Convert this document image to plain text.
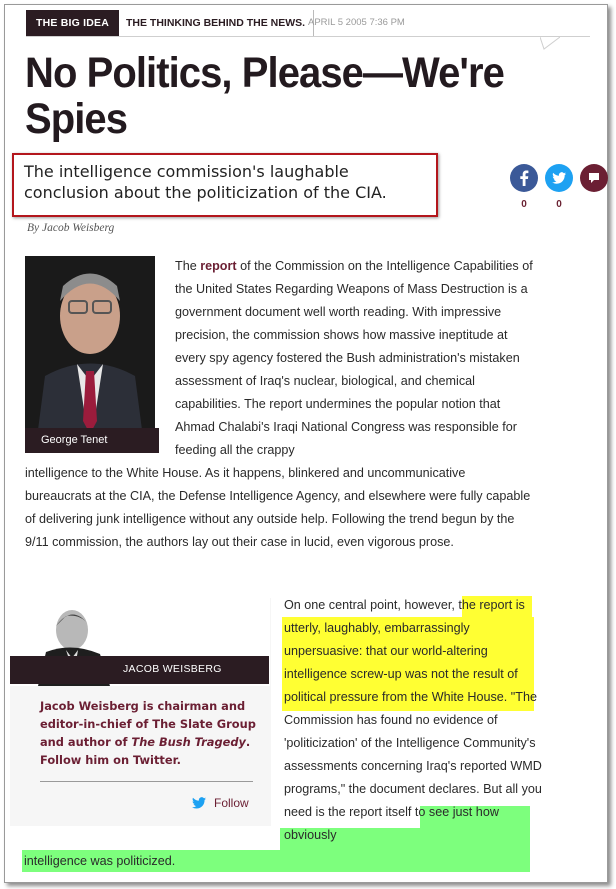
THE BIG IDEA	THE THINKING BEHIND THE NEWS. APRIL 5 2005 7:36 PM
No Politics, Please—We're Spies

The intelligence commission's laughable conclusion about the politicization of the CIA.

0	0
By Jacob Weisberg
George Tenet

The report of the Commission on the Intelligence Capabilities of the United States Regarding Weapons of Mass Destruction is a government document well worth reading. With impressive precision, the commission shows how massive ineptitude at every spy agency fostered the Bush administration's mistaken assessment of Iraq's nuclear, biological, and chemical capabilities. The report undermines the popular notion that Ahmad Chalabi's Iraqi National Congress was responsible for feeding all the crappy

intelligence to the White House. As it happens, blinkered and uncommunicative bureaucrats at the CIA, the Defense Intelligence Agency, and elsewhere were fully capable of delivering junk intelligence without any outside help. Following the trend begun by the 9/11 commission, the authors lay out their case in lucid, even vigorous prose.

JACOB WEISBERG

Jacob Weisberg is chairman and editor-in-chief of The Slate Group and author of The Bush Tragedy. Follow him on Twitter.

Follow

On one central point, however, the report is utterly, laughably, embarrassingly unpersuasive: that our world-altering intelligence screw-up was not the result of political pressure from the White House. "The Commission has found no evidence of 'politicization' of the Intelligence Community's assessments concerning Iraq's reported WMD programs," the document declares. But all you need is the report itself to see just how obviously

intelligence was politicized.
